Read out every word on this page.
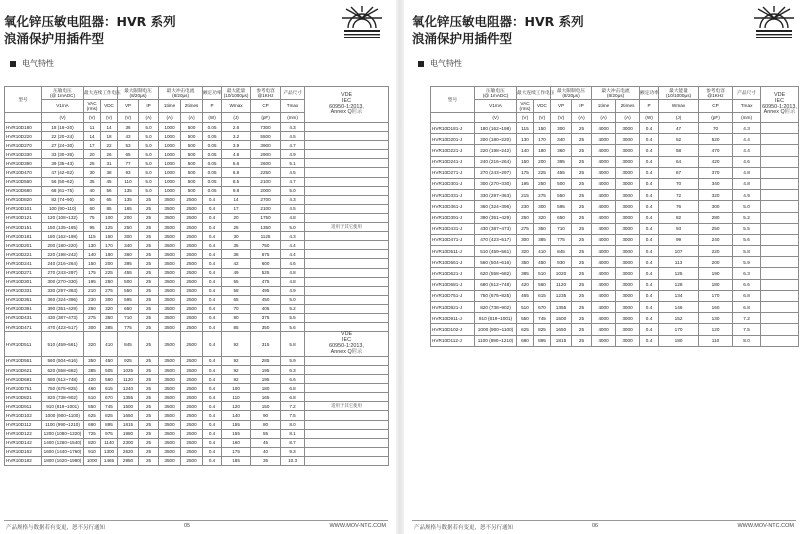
氧化锌压敏电阻器：HVR 系列
浪涌保护用插件型
电气特性
型号	压敏电压
(@ 1mADC)	最大连续工作电压		最大限制电压
(8/20μs)		最大冲击电流
(8/20μs)		额定功率	最大能量
(10/1000μs)	参考电容
@1KHz	产品尺寸	VDE
IEC
60950-1:2013,
Annex Q附录
	V1mA	VAC
(rms)	VDC	VP	IP	1time	2times	P	Wmax	CP	Tmax	
	(V)	(V)	(V)	(V)	(A)	(A)	(A)	(W)	(J)	(pF)	(mm)	
HVR10D180	18 (16~20)	11	14	36	5.0	1000	500	0.05	2.6	7300	4.3	
HVR10D220	22 (20~24)	14	18	43	5.0	1000	500	0.05	3.2	5500	4.5	
HVR10D270	27 (24~30)	17	22	53	5.0	1000	500	0.05	3.9	3900	4.7	
HVR10D330	33 (30~36)	20	26	65	5.0	1000	500	0.05	4.8	2900	4.9	
HVR10D390	39 (35~43)	25	31	77	5.0	1000	500	0.05	5.6	2600	5.1	
HVR10D470	47 (42~52)	30	38	93	5.0	1000	500	0.05	6.8	2250	4.5	
HVR10D560	56 (50~62)	35	45	110	5.0	1000	500	0.05	8.5	2100	4.7	
HVR10D680	68 (61~75)	40	56	135	5.0	1000	500	0.05	9.8	2000	5.0	
HVR10D820	82 (74~90)	50	65	135	25	3500	2500	0.4	14	2700	4.3	
HVR10D101	100 (90~110)	60	85	165	25	3500	2500	0.4	17	2100	4.5	
HVR10D121	120 (108~132)	75	100	200	25	3500	2500	0.4	20	1750	4.8	
HVR10D151	150 (135~165)	95	125	250	25	3500	2500	0.4	25	1350	5.0	适用于其它使用
HVR10D181	180 (162~198)	115	150	300	25	3500	2500	0.4	30	1125	4.3	
HVR10D201	200 (180~220)	130	170	340	25	3500	2500	0.4	35	750	4.4	
HVR10D221	220 (198~242)	140	180	360	25	3500	2500	0.4	38	675	4.4	
HVR10D241	240 (216~264)	150	200	395	25	3500	2500	0.4	42	600	4.6	
HVR10D271	270 (243~297)	175	225	455	25	3500	2500	0.4	49	525	4.8	
HVR10D301	300 (270~330)	195	250	500	25	3500	2500	0.4	55	475	4.8	
HVR10D331	330 (297~363)	210	275	550	25	3500	2500	0.4	58	495	4.9	
HVR10D361	360 (324~396)	230	300	595	25	3500	2500	0.4	65	450	5.0	
HVR10D391	390 (351~429)	250	320	650	25	3500	2500	0.4	70	405	5.2	
HVR10D431	430 (387~473)	275	350	710	25	3500	2500	0.4	80	375	5.5	
HVR10D471	470 (423~517)	300	385	775	25	3500	2500	0.4	85	350	5.6	
HVR10D511	510 (459~561)	320	410	845	25	3500	2500	0.4	92	315	5.8	VDE
IEC
60950-1:2013,
Annex Q附录
HVR10D561	560 (504~616)	350	450	925	25	3500	2500	0.4	92	285	5.9	
HVR10D621	620 (558~682)	385	505	1025	25	3500	2500	0.4	92	195	6.3	
HVR10D681	680 (612~748)	420	560	1120	25	3500	2500	0.4	92	195	6.6	
HVR10D751	750 (675~825)	460	615	1240	25	3500	2500	0.4	100	180	6.8	
HVR10D821	820 (738~902)	510	670	1355	25	3500	2500	0.4	110	165	6.8	
HVR10D911	910 (819~1001)	550	745	1500	25	3500	2500	0.4	120	150	7.2	适用于其它使用
HVR10D102	1000 (900~1100)	625	825	1650	25	3500	2500	0.4	140	90	7.5	
HVR10D112	1100 (990~1210)	680	895	1815	25	3500	2500	0.4	155	80	8.0	
HVR10D122	1200 (1080~1320)	725	975	1980	25	3500	2500	0.4	155	55	8.1	
HVR10D142	1400 (1260~1540)	820	1140	2300	25	3500	2500	0.4	160	45	8.7	
HVR10D162	1600 (1440~1760)	910	1300	2620	25	3500	2500	0.4	175	40	9.3	
HVR10D182	1800 (1620~1980)	1000	1465	2950	25	3500	2500	0.4	185	35	10.3	
产品规格与数据若有变更，恕不另行通知	05	WWW.MOV-NTC.COM
氧化锌压敏电阻器：HVR 系列
浪涌保护用插件型
电气特性
型号	压敏电压
(@ 1mADC)	最大连续工作电压		最大限制电压
(8/20μs)		最大冲击电流
(8/20μs)		额定功率	最大能量
(10/1000μs)	参考电容
@1KHz	产品尺寸	VDE
IEC
60950-1:2013,
Annex Q附录
	V1mA	VAC
(rms)	VDC	VP	IP	1time	2times	P	Wmax	CP	Tmax	
	(V)	(V)	(V)	(V)	(A)	(A)	(A)	(W)	(J)	(pF)	(mm)	
HVR10D181-J	180 (162~198)	115	150	300	25	4000	3000	0.4	47	70	4.3	
HVR10D201-J	200 (180~220)	130	170	340	25	4000	3000	0.4	52	520	4.4	
HVR10D221-J	220 (198~242)	140	180	360	25	4000	3000	0.4	58	470	4.4	
HVR10D241-J	240 (216~264)	150	200	395	25	4000	3000	0.4	64	420	4.6	
HVR10D271-J	270 (243~297)	175	225	455	25	4000	3000	0.4	67	370	4.8	
HVR10D301-J	300 (270~330)	195	250	500	25	4000	3000	0.4	70	340	4.8	
HVR10D331-J	330 (297~363)	215	275	550	25	4000	3000	0.4	72	320	4.9	
HVR10D361-J	360 (324~396)	230	300	595	25	4000	3000	0.4	76	300	5.0	
HVR10D391-J	390 (351~429)	250	320	650	25	4000	3000	0.4	82	280	5.2	
HVR10D431-J	430 (387~473)	275	350	710	25	4000	3000	0.4	93	250	5.5	
HVR10D471-J	470 (423~517)	300	385	775	25	4000	3000	0.4	99	240	5.6	
HVR10D511-J	510 (459~561)	320	410	845	25	4000	3000	0.4	107	220	5.8	
HVR10D561-J	560 (504~616)	350	450	930	25	4000	3000	0.4	113	200	5.9	
HVR10D621-J	620 (558~682)	385	510	1020	25	4000	3000	0.4	125	190	6.3	
HVR10D681-J	680 (612~748)	420	560	1120	25	4000	3000	0.4	128	180	6.6	
HVR10D751-J	750 (675~825)	465	615	1235	25	4000	3000	0.4	134	170	6.8	
HVR10D821-J	820 (738~902)	510	670	1355	25	4000	3000	0.4	146	160	6.8	
HVR10D911-J	910 (819~1001)	550	745	1500	25	4000	3000	0.4	152	130	7.2	
HVR10D102-J	1000 (900~1100)	625	825	1650	25	4000	3000	0.4	170	120	7.5	
HVR10D112-J	1100 (990~1210)	680	895	1815	25	4000	3000	0.4	180	110	8.0	
产品规格与数据若有变更，恕不另行通知	06	WWW.MOV-NTC.COM
